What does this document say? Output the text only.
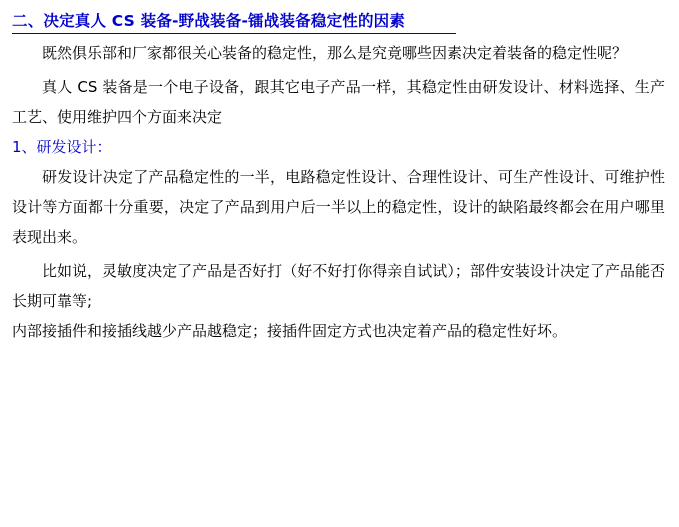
二、决定真人 CS 装备-野战装备-镭战装备稳定性的因素

既然俱乐部和厂家都很关心装备的稳定性，那么是究竟哪些因素决定着装备的稳定性呢？

真人 CS 装备是一个电子设备，跟其它电子产品一样，其稳定性由研发设计、材料选择、生产工艺、使用维护四个方面来决定

1、研发设计：

研发设计决定了产品稳定性的一半，电路稳定性设计、合理性设计、可生产性设计、可维护性设计等方面都十分重要，决定了产品到用户后一半以上的稳定性，设计的缺陷最终都会在用户哪里表现出来。

比如说，灵敏度决定了产品是否好打（好不好打你得亲自试试）；部件安装设计决定了产品能否长期可靠等;

内部接插件和接插线越少产品越稳定；接插件固定方式也决定着产品的稳定性好坏。
